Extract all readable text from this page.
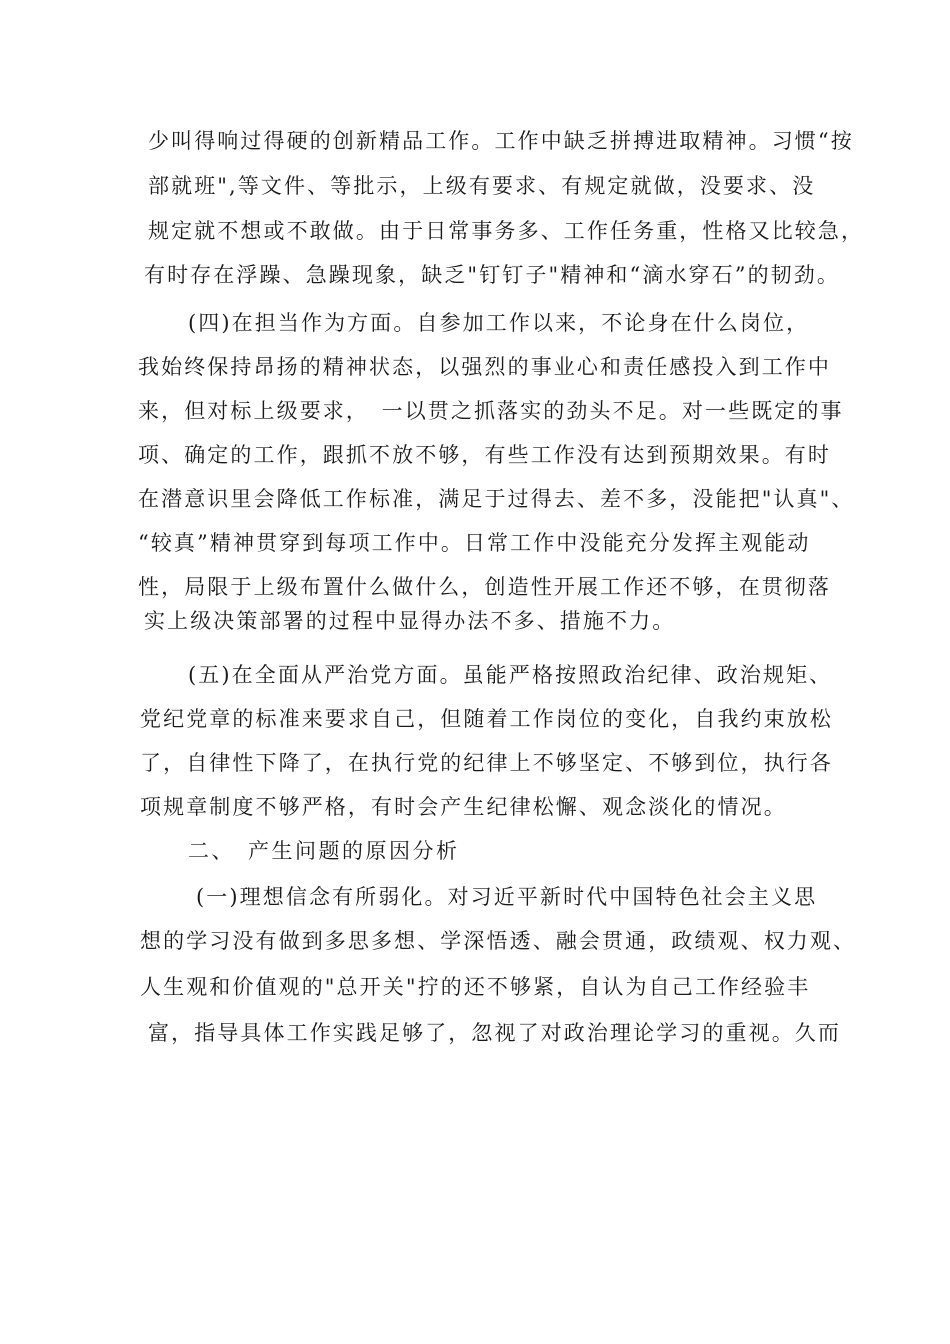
少叫得响过得硬的创新精品工作。工作中缺乏拼搏进取精神。习惯“按
部就班",等文件、等批示，上级有要求、有规定就做，没要求、没
规定就不想或不敢做。由于日常事务多、工作任务重，性格又比较急，
有时存在浮躁、急躁现象，缺乏"钉钉子"精神和“滴水穿石”的韧劲。
(四)在担当作为方面。自参加工作以来，不论身在什么岗位，
我始终保持昂扬的精神状态，以强烈的事业心和责任感投入到工作中
来，但对标上级要求，　一以贯之抓落实的劲头不足。对一些既定的事
项、确定的工作，跟抓不放不够，有些工作没有达到预期效果。有时
在潜意识里会降低工作标准，满足于过得去、差不多，没能把"认真"、
“较真”精神贯穿到每项工作中。日常工作中没能充分发挥主观能动
性，局限于上级布置什么做什么，创造性开展工作还不够，在贯彻落
实上级决策部署的过程中显得办法不多、措施不力。
(五)在全面从严治党方面。虽能严格按照政治纪律、政治规矩、
党纪党章的标准来要求自己，但随着工作岗位的变化，自我约束放松
了，自律性下降了，在执行党的纪律上不够坚定、不够到位，执行各
项规章制度不够严格，有时会产生纪律松懈、观念淡化的情况。
二、　产生问题的原因分析
(一)理想信念有所弱化。对习近平新时代中国特色社会主义思
想的学习没有做到多思多想、学深悟透、融会贯通，政绩观、权力观、
人生观和价值观的"总开关"拧的还不够紧，自认为自己工作经验丰
富，指导具体工作实践足够了，忽视了对政治理论学习的重视。久而
